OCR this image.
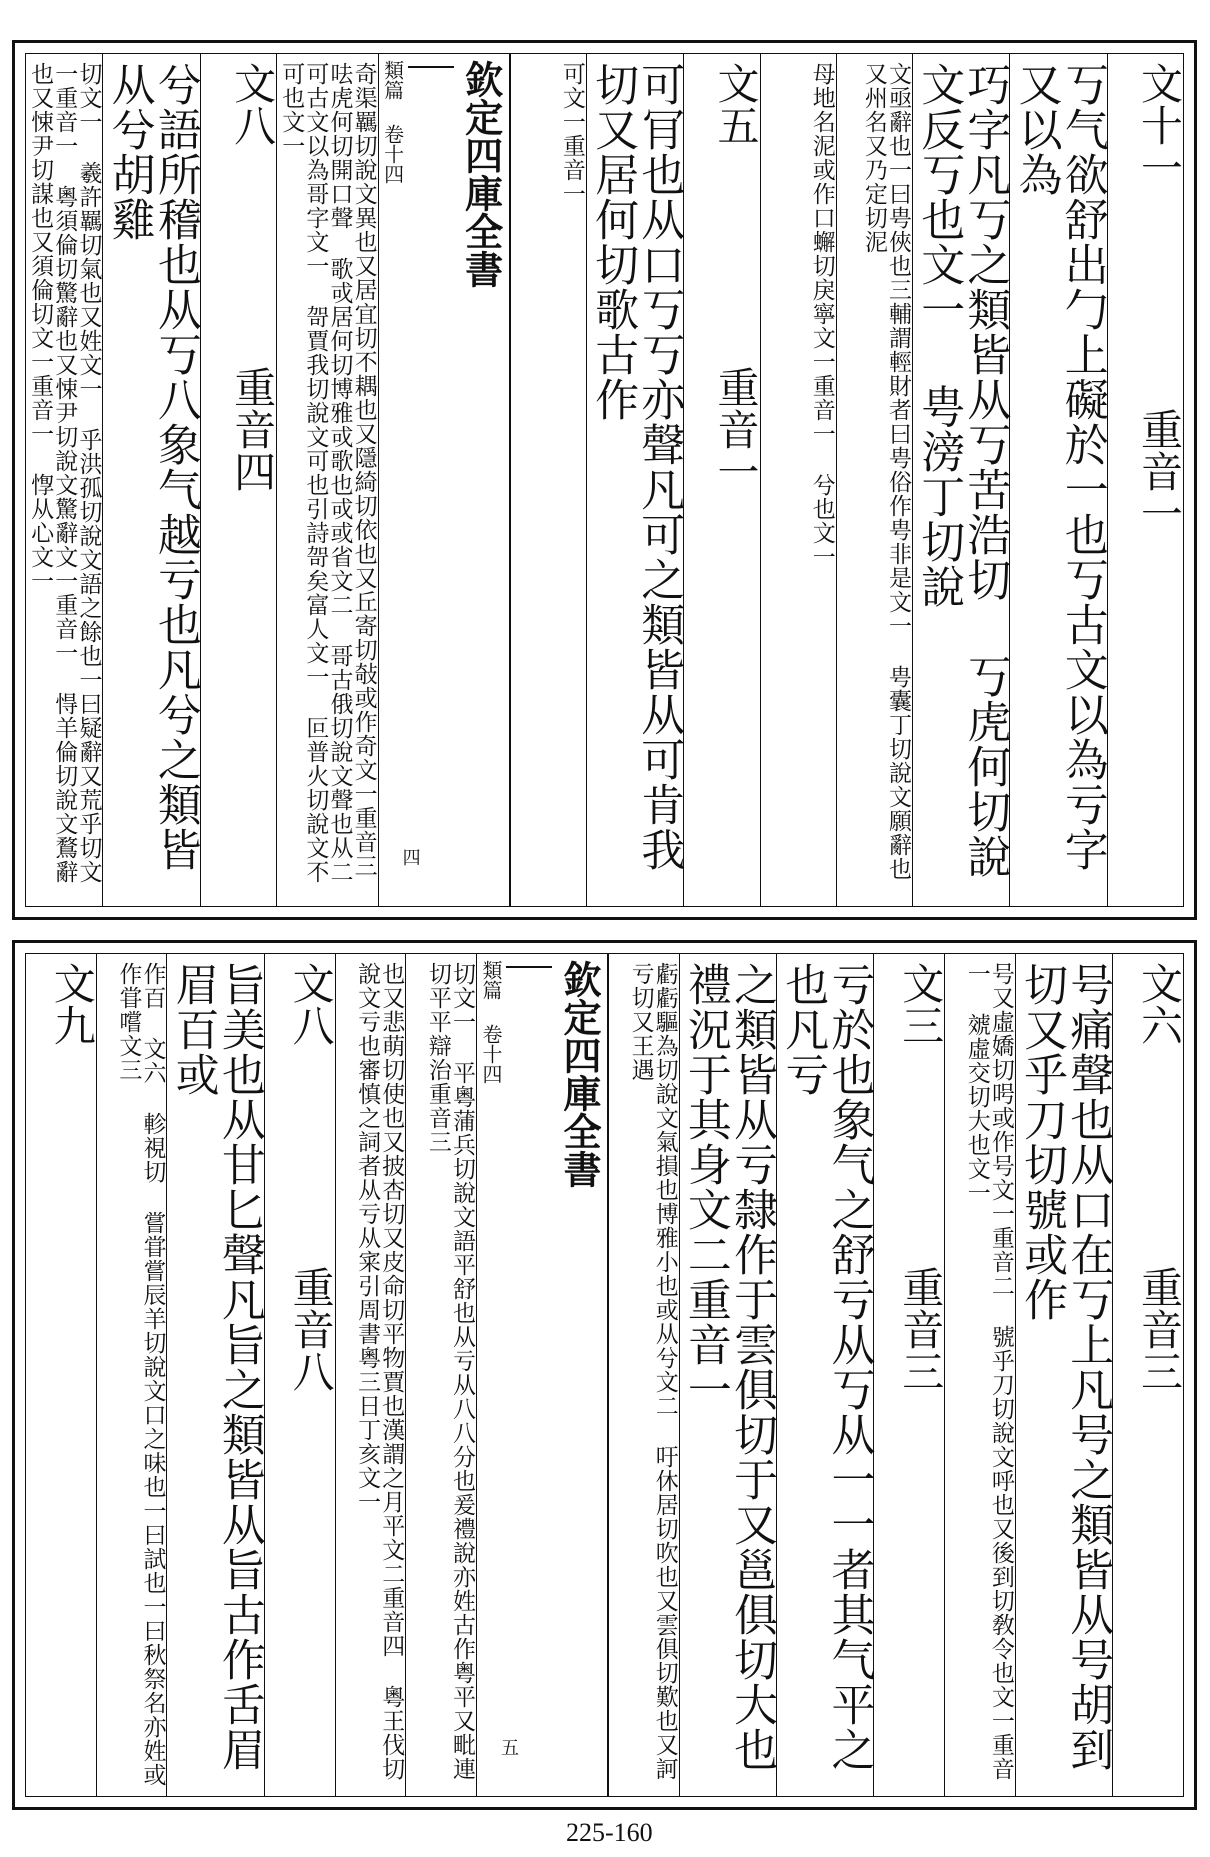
文十一重音一
丂气欲舒出勹上礙於一也丂古文以為亏字又以為
巧字凡丂之類皆从丂苦浩切 丂虎何切說文反丂也文一 甹滂丁切說
文亟辭也一曰甹俠也三輔謂輕財者曰甹俗作甹非是文一 甹囊丁切說文願辭也又州名又乃定切泥
母地名泥或作口蠏切戾寧文一重音一 兮也文一
文五重音一
可肎也从口丂丂亦聲凡可之類皆从可肯我切又居何切歌古作
可文一重音一
欽定四庫全書
類篇 卷十四
四
奇渠羈切說文異也又居宜切不耦也又隱綺切依也又丘寄切敧或作奇文一重音三 呿虎何切開口聲 歌戓居何切博雅戓歌也戓或省文二 哥古俄切說文聲也从二可古文以為哥字文一 哿賈我切說文可也引詩哿矣富人文一 叵普火切說文不可也文一
文八重音四
兮語所稽也从丂八象气越亏也凡兮之類皆从兮胡雞
切文一 羲許羈切氣也又姓文一 乎洪孤切說文語之餘也一曰疑辭又荒乎切文一重音一 粵須倫切驚辭也又悚尹切說文驚辭文一重音一 㥂羊倫切說文鶩辭也又悚尹切謀也又須倫切文一重音一 惸从心文一
文六重音三
号痛聲也从口在丂上凡号之類皆从号胡到切又乎刀切號或作
号又虛嬌切呺或作号文一重音二 號乎刀切說文呼也又後到切敎令也文一重音一 虠虛交切大也文一
文三重音三
亏於也象气之舒亏从丂从一一者其气平之也凡亏
之類皆从亏隸作于雲俱切于又邕俱切大也 禮況于其身文二重音一
虧虧驅為切說文氣損也博雅小也或从兮文二 吁休居切吹也又雲俱切歎也又訶亏切又王遇
欽定四庫全書
類篇 卷十四
五
切文一 平粵蒲兵切說文語平舒也从亏从八八分也爰禮說亦姓古作粤平又毗連切平平辯治重音三
也又悲萌切使也又披杏切又皮命切平物賈也漢謂之月平文二重音四 粵王伐切說文亏也審慎之詞者从亏从宷引周書粵三日丁亥文一
文八重音八
旨美也从甘匕聲凡旨之類皆从旨古作舌眉眉百或
作百 文六 軫視切 嘗甞嘗辰羊切說文口之味也一曰試也一曰秋祭名亦姓或作甞嚐文三
文九
225-160
